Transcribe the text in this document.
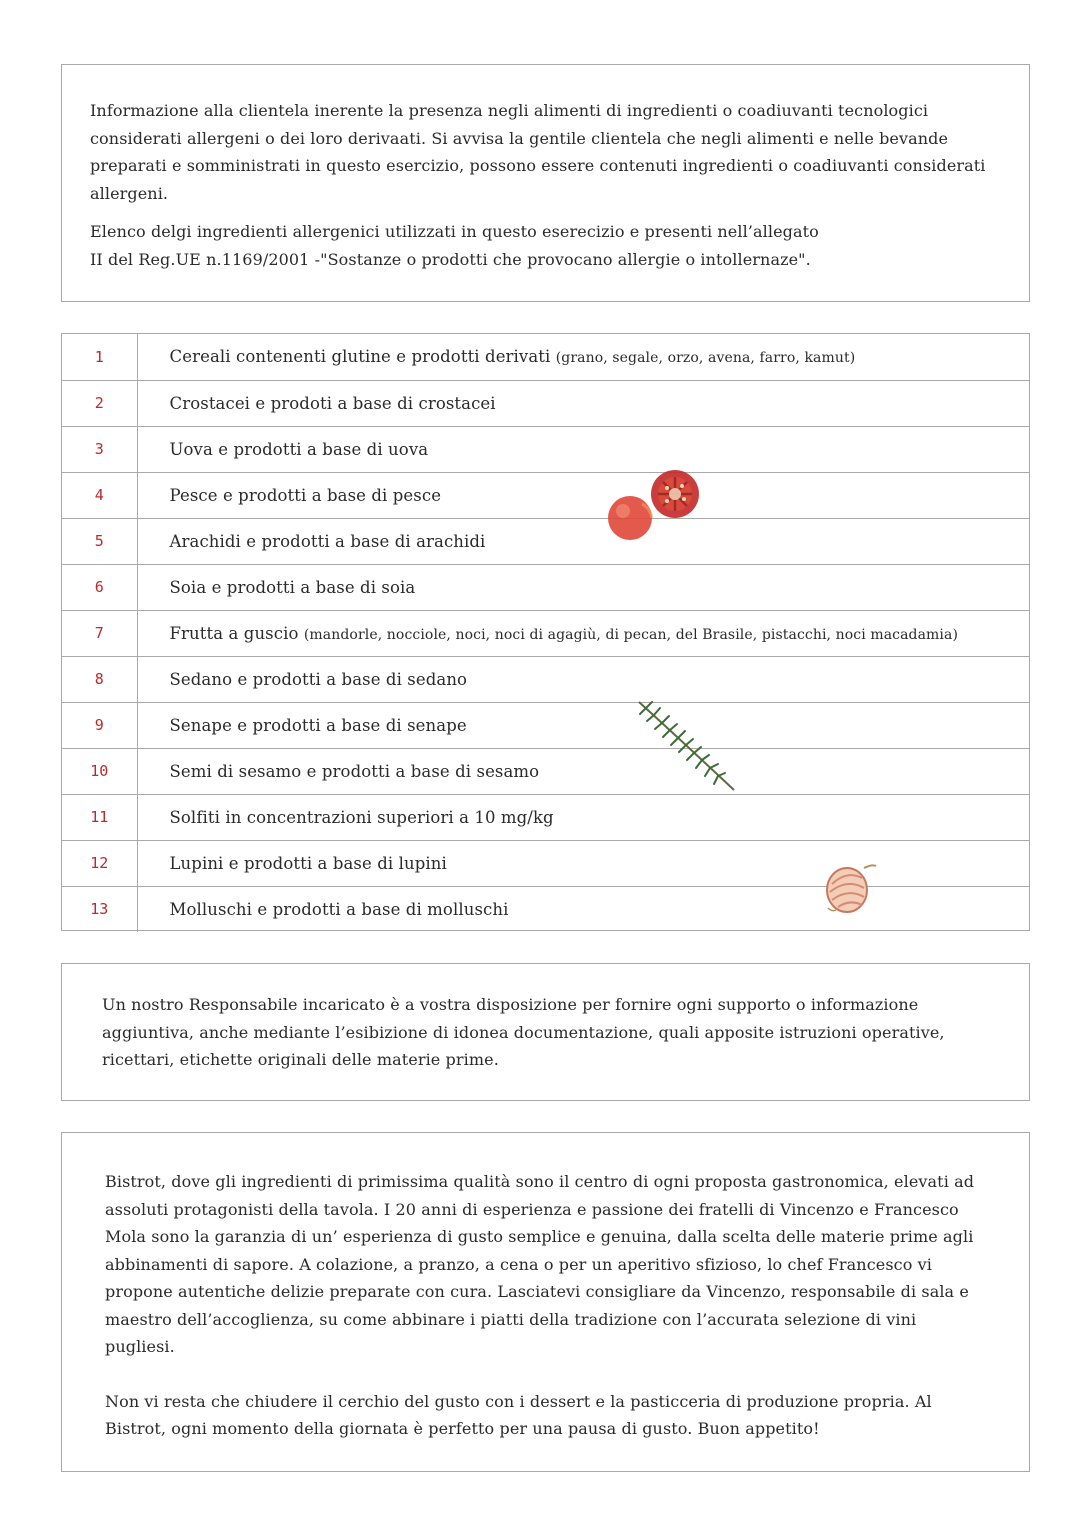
Informazione alla clientela inerente la presenza negli alimenti di ingredienti o coadiuvanti tecnologici considerati allergeni o dei loro derivaati. Si avvisa la gentile clientela che negli alimenti e nelle bevande preparati e somministrati in questo esercizio, possono essere contenuti ingredienti o coadiuvanti considerati allergeni.

Elenco delgi ingredienti allergenici utilizzati in questo eserecizio e presenti nell’allegato
II del Reg.UE n.1169/2001 -"Sostanze o prodotti che provocano allergie o intollernaze".

1	Cereali contenenti glutine e prodotti derivati (grano, segale, orzo, avena, farro, kamut)
2	Crostacei e prodoti a base di crostacei
3	Uova e prodotti a base di uova
4	Pesce e prodotti a base di pesce
5	Arachidi e prodotti a base di arachidi
6	Soia e prodotti a base di soia
7	Frutta a guscio (mandorle, nocciole, noci, noci di agagiù, di pecan, del Brasile, pistacchi, noci macadamia)
8	Sedano e prodotti a base di sedano
9	Senape e prodotti a base di senape
10	Semi di sesamo e prodotti a base di sesamo
11	Solfiti in concentrazioni superiori a 10 mg/kg
12	Lupini e prodotti a base di lupini
13	Molluschi e prodotti a base di molluschi

Un nostro Responsabile incaricato è a vostra disposizione per fornire ogni supporto o informazione aggiuntiva, anche mediante l’esibizione di idonea documentazione, quali apposite istruzioni operative, ricettari, etichette originali delle materie prime.

Bistrot, dove gli ingredienti di primissima qualità sono il centro di ogni proposta gastronomica, elevati ad assoluti protagonisti della tavola. I 20 anni di esperienza e passione dei fratelli di Vincenzo e Francesco Mola sono la garanzia di un’ esperienza di gusto semplice e genuina, dalla scelta delle materie prime agli abbinamenti di sapore. A colazione, a pranzo, a cena o per un aperitivo sfizioso, lo chef Francesco vi propone autentiche delizie preparate con cura. Lasciatevi consigliare da Vincenzo, responsabile di sala e maestro dell’accoglienza, su come abbinare i piatti della tradizione con l’accurata selezione di vini pugliesi.

Non vi resta che chiudere il cerchio del gusto con i dessert e la pasticceria di produzione propria. Al Bistrot, ogni momento della giornata è perfetto per una pausa di gusto. Buon appetito!
